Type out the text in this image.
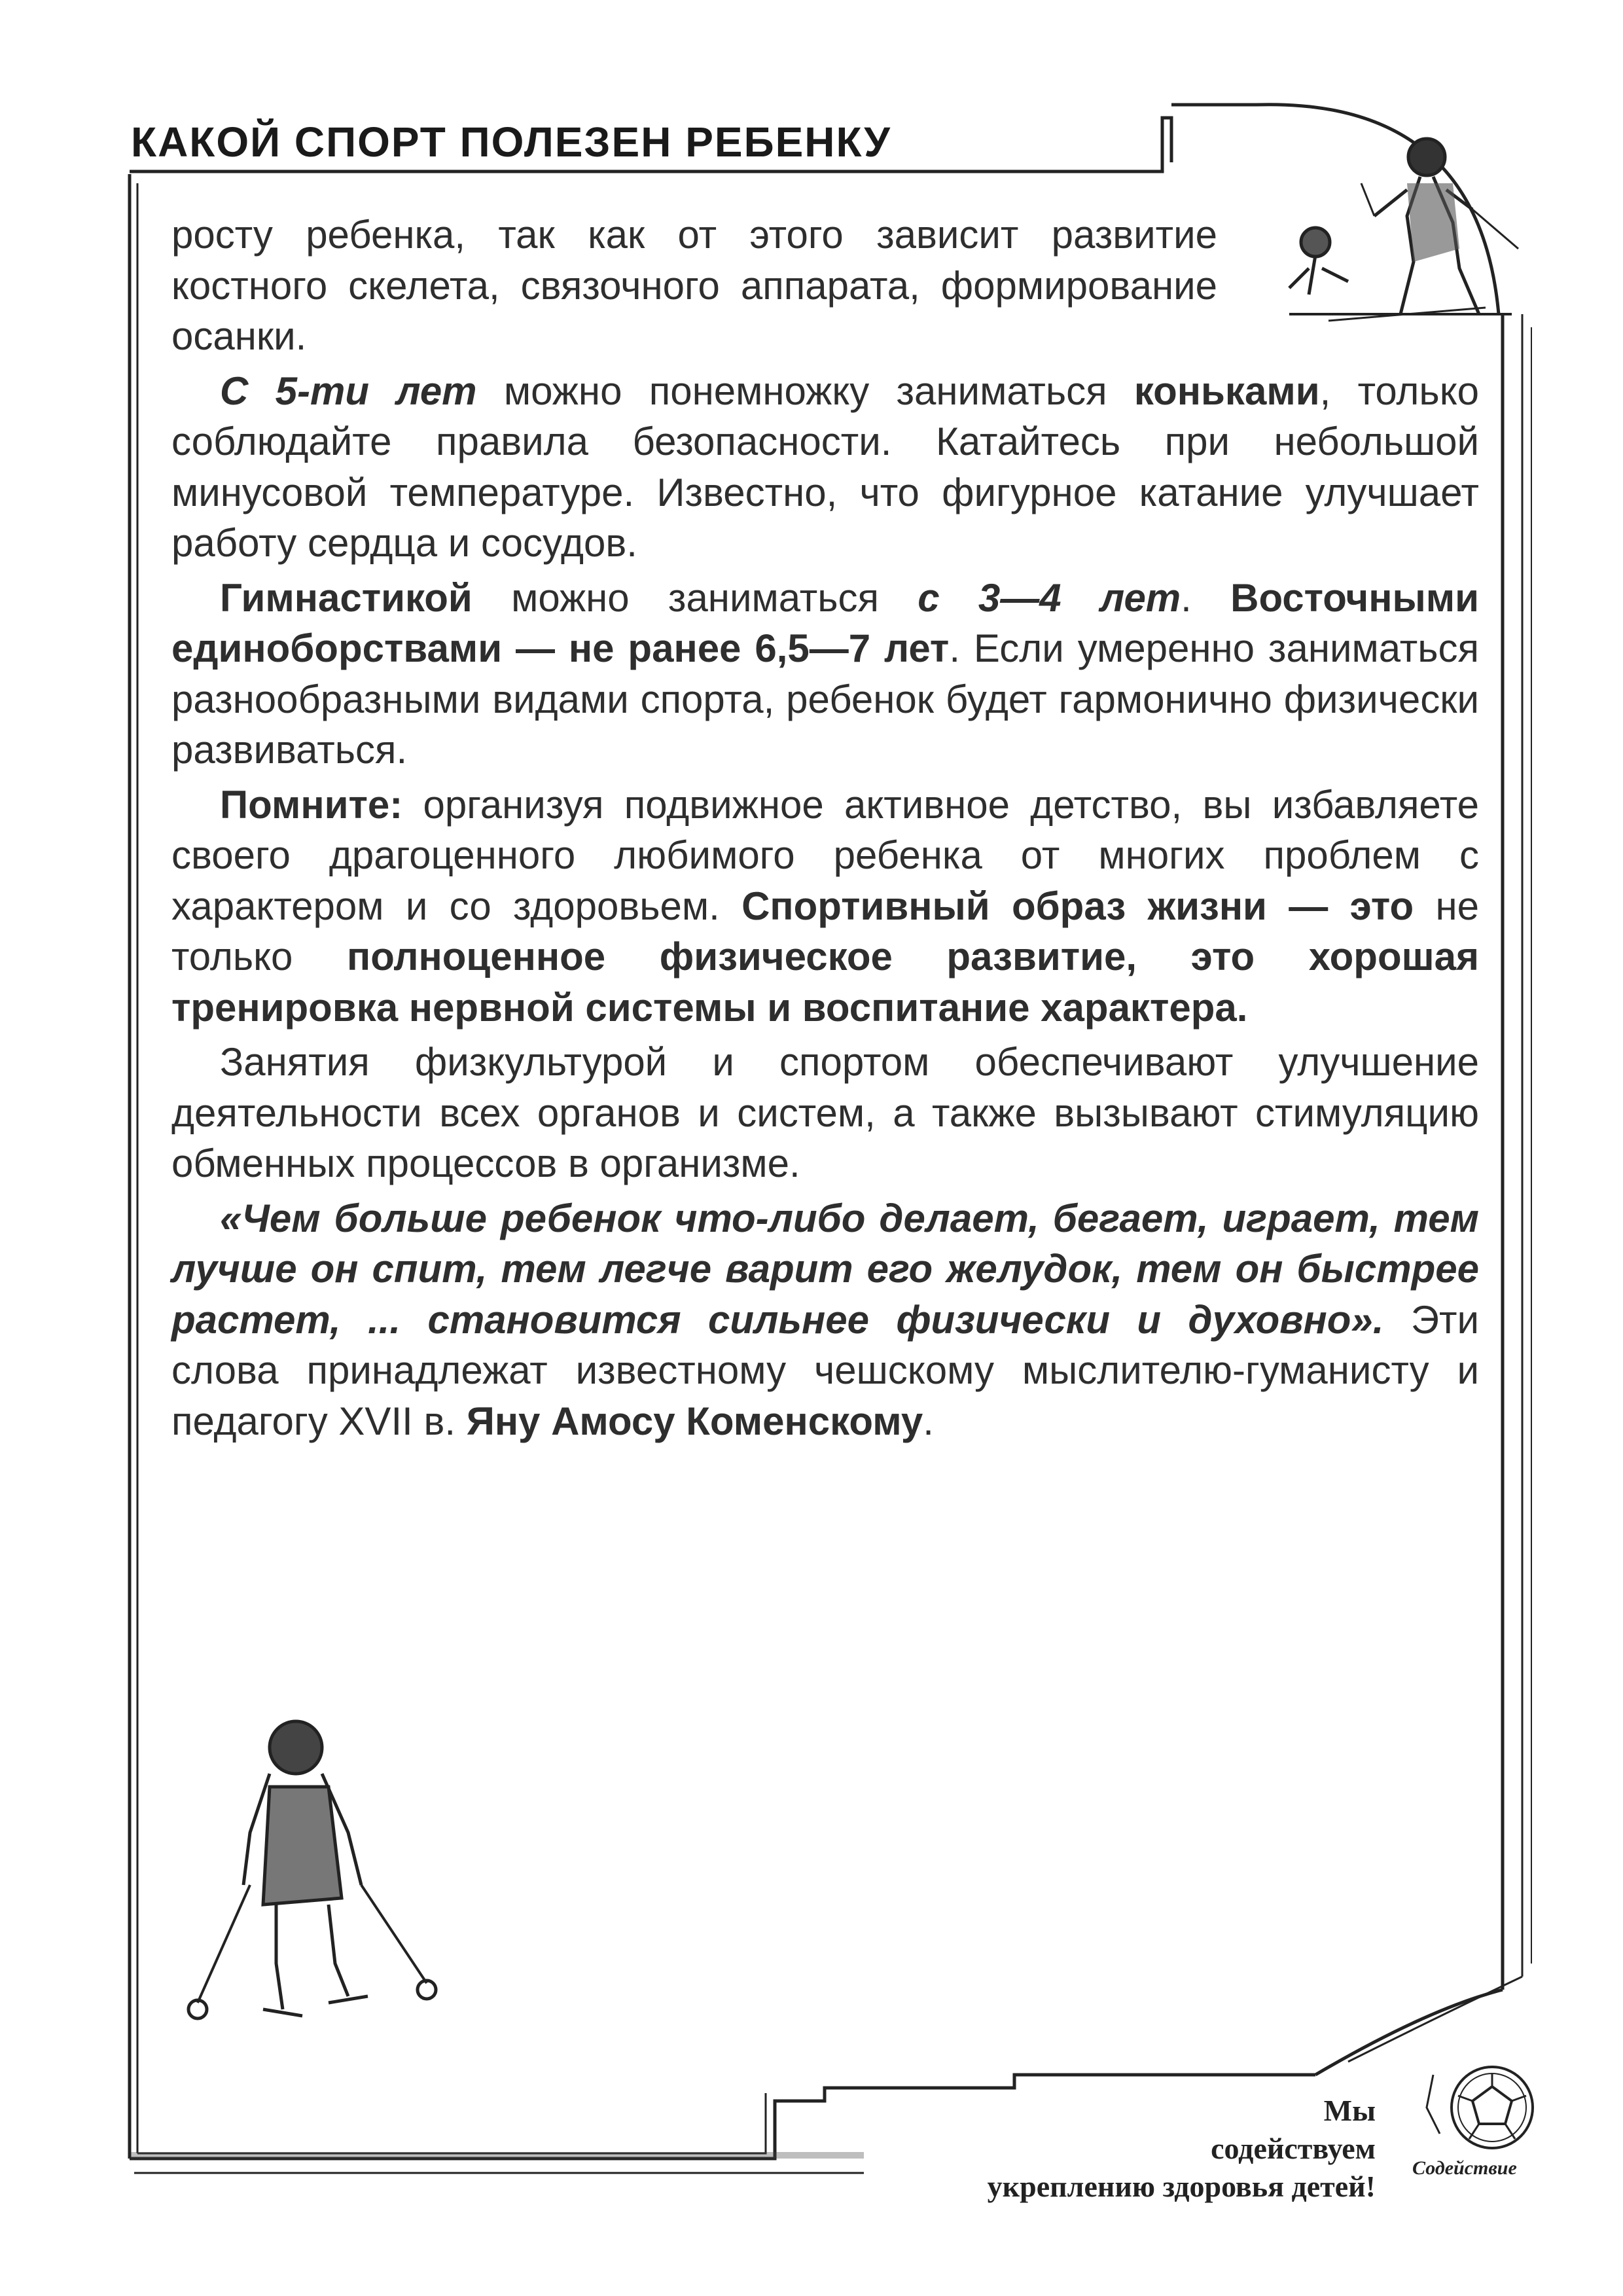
КАКОЙ СПОРТ ПОЛЕЗЕН РЕБЕНКУ

росту ребенка, так как от этого зависит развитие костного скелета, связочного аппарата, формирование осанки.

С 5-ти лет можно понемножку заниматься коньками, только соблюдайте правила безопасности. Катайтесь при небольшой минусовой температуре. Известно, что фигурное катание улучшает работу сердца и сосудов.

Гимнастикой можно заниматься с 3—4 лет. Восточными единоборствами — не ранее 6,5—7 лет. Если умеренно заниматься разнообразными видами спорта, ребенок будет гармонично физически развиваться.

Помните: организуя подвижное активное детство, вы избавляете своего драгоценного любимого ребенка от многих проблем с характером и со здоровьем. Спортивный образ жизни — это не только полноценное физическое развитие, это хорошая тренировка нервной системы и воспитание характера.

Занятия физкультурой и спортом обеспечивают улучшение деятельности всех органов и систем, а также вызывают стимуляцию обменных процессов в организме.

«Чем больше ребенок что-либо делает, бегает, играет, тем лучше он спит, тем легче варит его желудок, тем он быстрее растет, ... становится сильнее физически и духовно». Эти слова принадлежат известному чешскому мыслителю-гуманисту и педагогу XVII в. Яну Амосу Коменскому.

Мы
содействуем
укреплению здоровья детей!
Содействие
